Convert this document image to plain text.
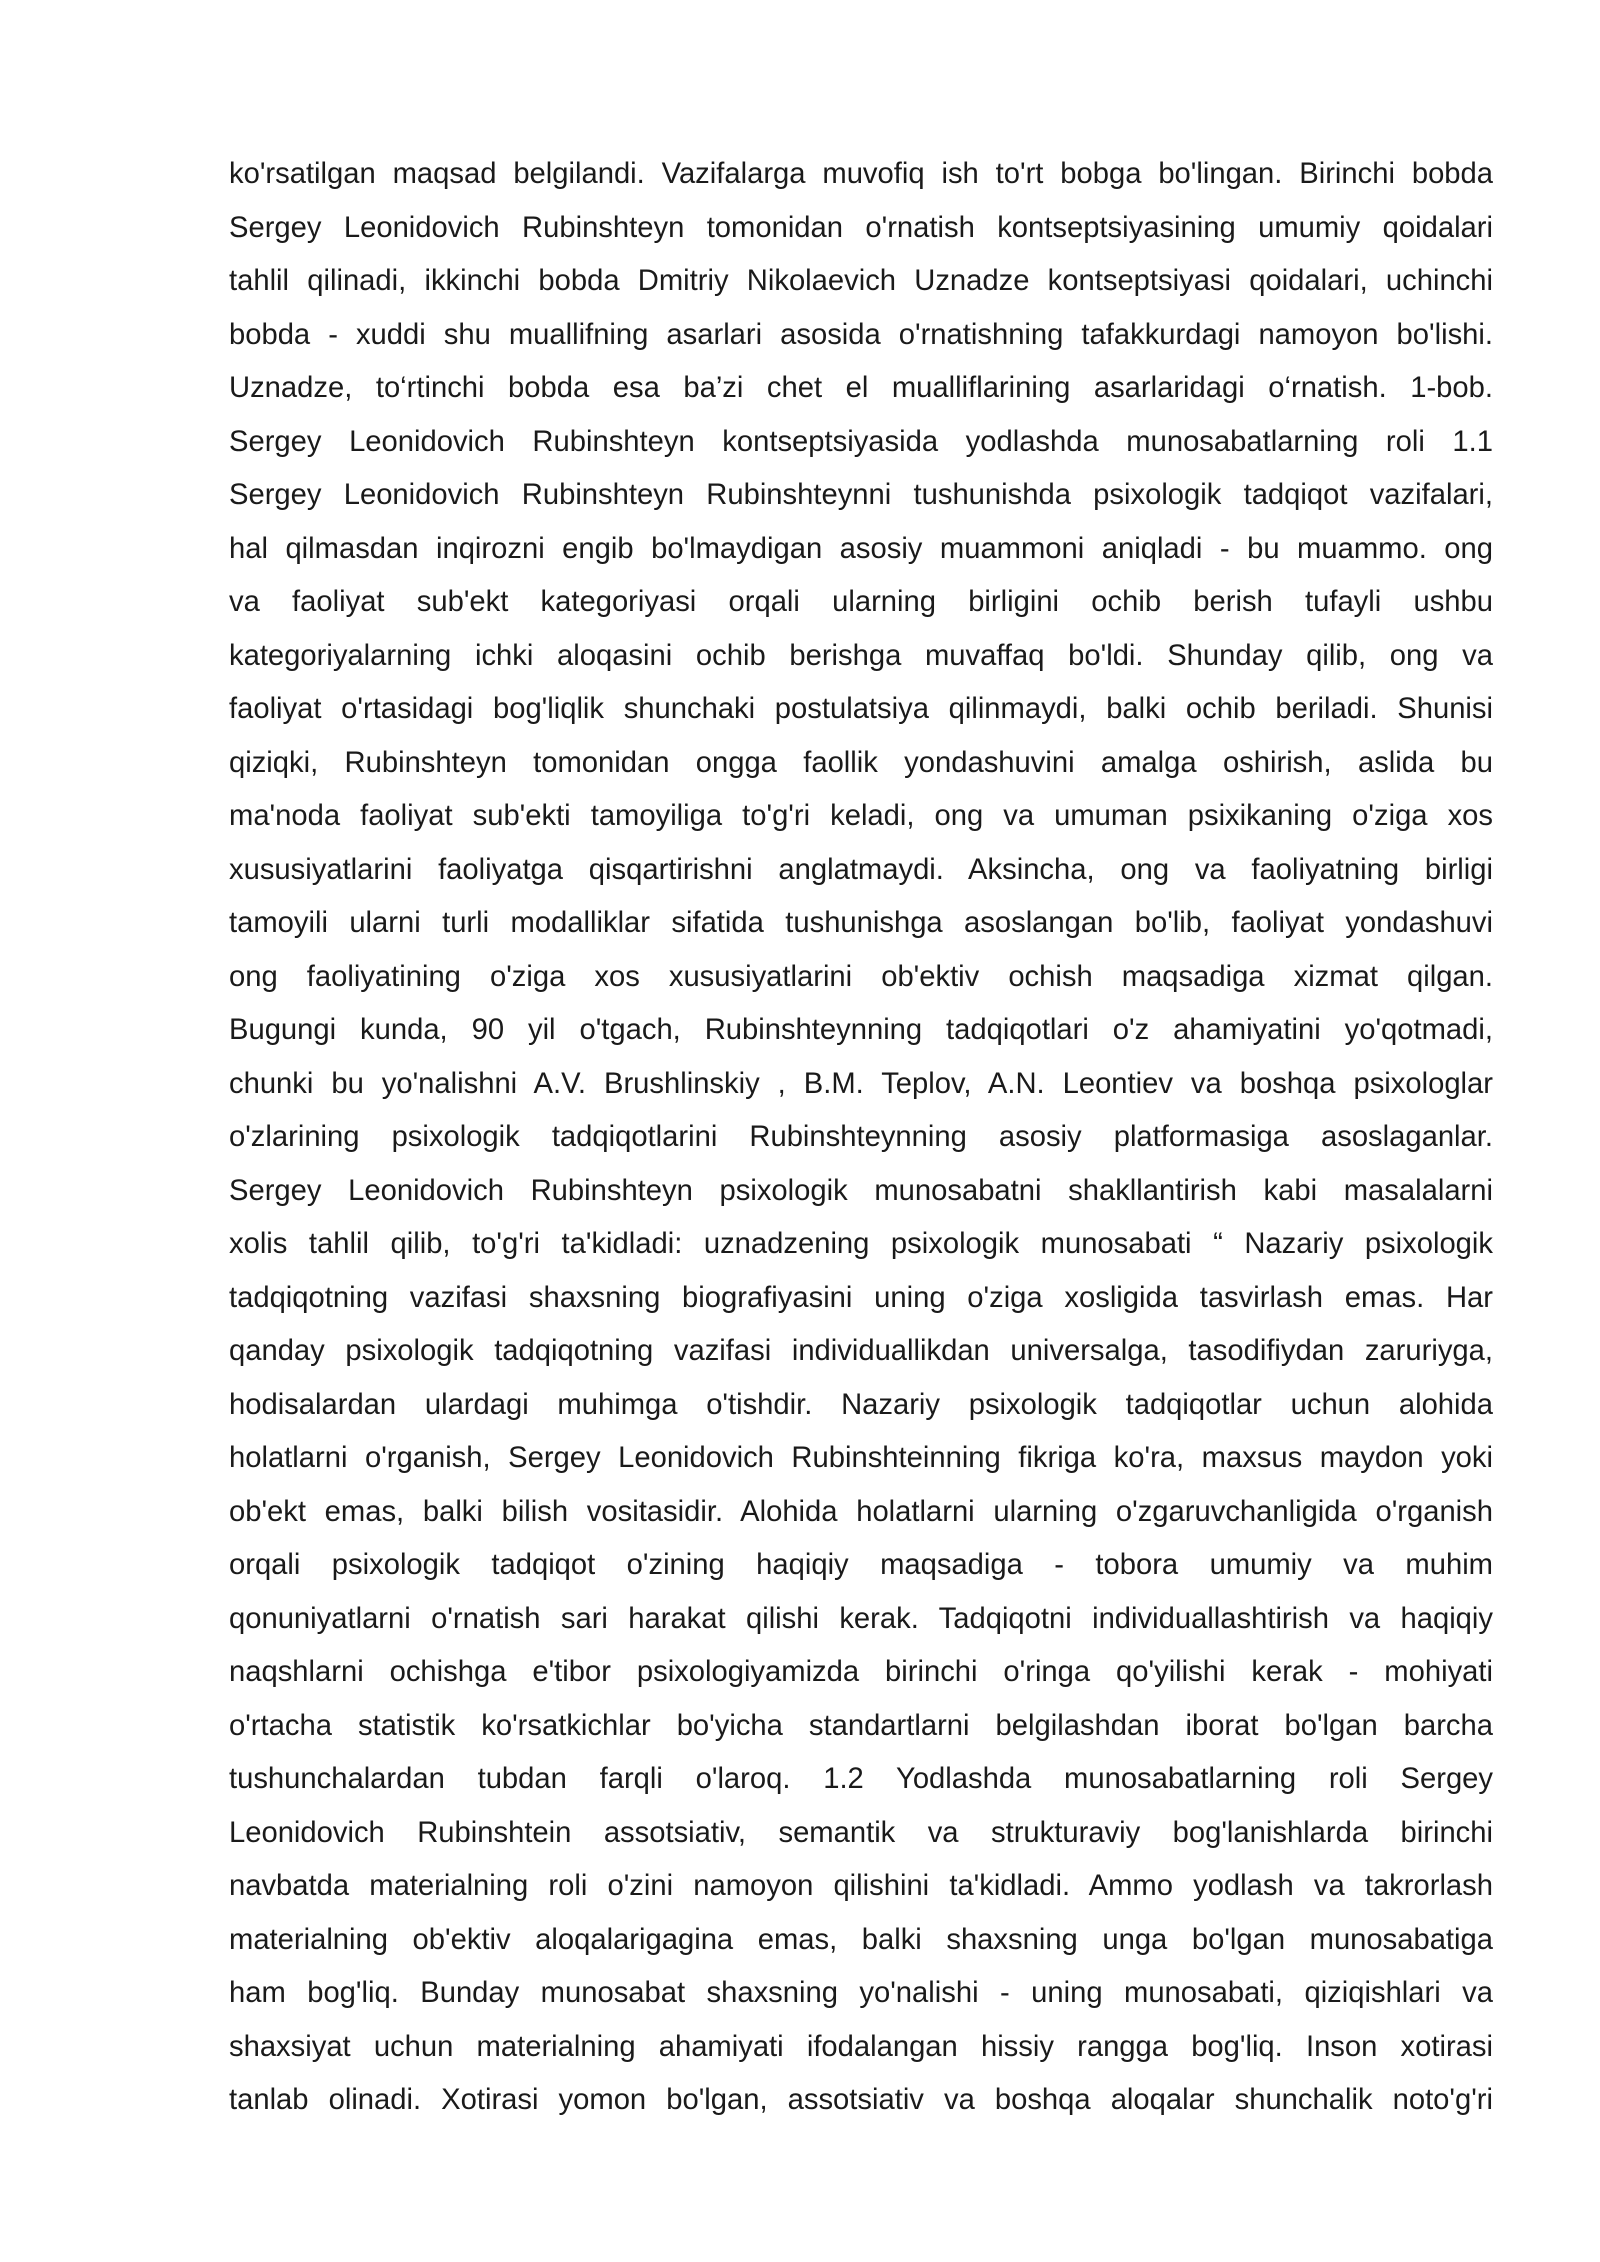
ko'rsatilgan maqsad belgilandi. Vazifalarga muvofiq ish to'rt bobga bo'lingan. Birinchi bobda
Sergey Leonidovich Rubinshteyn tomonidan o'rnatish kontseptsiyasining umumiy qoidalari
tahlil qilinadi, ikkinchi bobda Dmitriy Nikolaevich Uznadze kontseptsiyasi qoidalari, uchinchi
bobda - xuddi shu muallifning asarlari asosida o'rnatishning tafakkurdagi namoyon bo'lishi.
Uznadze, to‘rtinchi bobda esa ba’zi chet el mualliflarining asarlaridagi o‘rnatish. 1-bob.
Sergey Leonidovich Rubinshteyn kontseptsiyasida yodlashda munosabatlarning roli 1.1
Sergey Leonidovich Rubinshteyn Rubinshteynni tushunishda psixologik tadqiqot vazifalari,
hal qilmasdan inqirozni engib bo'lmaydigan asosiy muammoni aniqladi - bu muammo. ong
va faoliyat sub'ekt kategoriyasi orqali ularning birligini ochib berish tufayli ushbu
kategoriyalarning ichki aloqasini ochib berishga muvaffaq bo'ldi. Shunday qilib, ong va
faoliyat o'rtasidagi bog'liqlik shunchaki postulatsiya qilinmaydi, balki ochib beriladi. Shunisi
qiziqki, Rubinshteyn tomonidan ongga faollik yondashuvini amalga oshirish, aslida bu
ma'noda faoliyat sub'ekti tamoyiliga to'g'ri keladi, ong va umuman psixikaning o'ziga xos
xususiyatlarini faoliyatga qisqartirishni anglatmaydi. Aksincha, ong va faoliyatning birligi
tamoyili ularni turli modalliklar sifatida tushunishga asoslangan bo'lib, faoliyat yondashuvi
ong faoliyatining o'ziga xos xususiyatlarini ob'ektiv ochish maqsadiga xizmat qilgan.
Bugungi kunda, 90 yil o'tgach, Rubinshteynning tadqiqotlari o'z ahamiyatini yo'qotmadi,
chunki bu yo'nalishni A.V. Brushlinskiy , B.M. Teplov, A.N. Leontiev va boshqa psixologlar
o'zlarining psixologik tadqiqotlarini Rubinshteynning asosiy platformasiga asoslaganlar.
Sergey Leonidovich Rubinshteyn psixologik munosabatni shakllantirish kabi masalalarni
xolis tahlil qilib, to'g'ri ta'kidladi: uznadzening psixologik munosabati “ Nazariy psixologik
tadqiqotning vazifasi shaxsning biografiyasini uning o'ziga xosligida tasvirlash emas. Har
qanday psixologik tadqiqotning vazifasi individuallikdan universalga, tasodifiydan zaruriyga,
hodisalardan ulardagi muhimga o'tishdir. Nazariy psixologik tadqiqotlar uchun alohida
holatlarni o'rganish, Sergey Leonidovich Rubinshteinning fikriga ko'ra, maxsus maydon yoki
ob'ekt emas, balki bilish vositasidir. Alohida holatlarni ularning o'zgaruvchanligida o'rganish
orqali psixologik tadqiqot o'zining haqiqiy maqsadiga - tobora umumiy va muhim
qonuniyatlarni o'rnatish sari harakat qilishi kerak. Tadqiqotni individuallashtirish va haqiqiy
naqshlarni ochishga e'tibor psixologiyamizda birinchi o'ringa qo'yilishi kerak - mohiyati
o'rtacha statistik ko'rsatkichlar bo'yicha standartlarni belgilashdan iborat bo'lgan barcha
tushunchalardan tubdan farqli o'laroq. 1.2 Yodlashda munosabatlarning roli Sergey
Leonidovich Rubinshtein assotsiativ, semantik va strukturaviy bog'lanishlarda birinchi
navbatda materialning roli o'zini namoyon qilishini ta'kidladi. Ammo yodlash va takrorlash
materialning ob'ektiv aloqalarigagina emas, balki shaxsning unga bo'lgan munosabatiga
ham bog'liq. Bunday munosabat shaxsning yo'nalishi - uning munosabati, qiziqishlari va
shaxsiyat uchun materialning ahamiyati ifodalangan hissiy rangga bog'liq. Inson xotirasi
tanlab olinadi. Xotirasi yomon bo'lgan, assotsiativ va boshqa aloqalar shunchalik noto'g'ri
